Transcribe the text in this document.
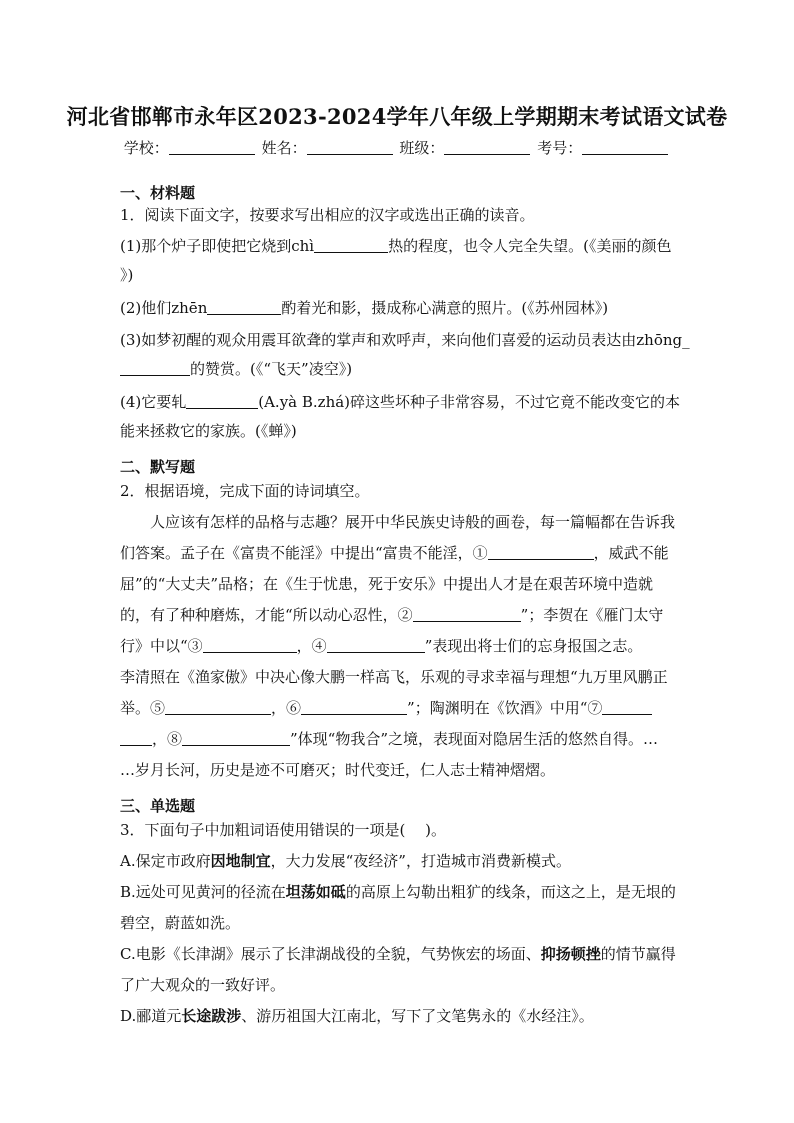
河北省邯郸市永年区2023-2024学年八年级上学期期末考试语文试卷
学校：	姓名：	班级：	考号：
一、材料题
1．阅读下面文字，按要求写出相应的汉字或选出正确的读音。
(1)那个炉子即使把它烧到chì	热的程度，也令人完全失望。(《美丽的颜色
》)
(2)他们zhēn	酌着光和影，摄成称心满意的照片。(《苏州园林》)
(3)如梦初醒的观众用震耳欲聋的掌声和欢呼声，来向他们喜爱的运动员表达由zhōng_
的赞赏。(《“飞天”凌空》)
(4)它要轧	(A.yà B.zhá)碎这些坏种子非常容易，不过它竟不能改变它的本
能来拯救它的家族。(《蝉》)
二、默写题
2．根据语境，完成下面的诗词填空。
人应该有怎样的品格与志趣？展开中华民族史诗般的画卷，每一篇幅都在告诉我
们答案。孟子在《富贵不能淫》中提出“富贵不能淫，①	，威武不能
屈”的“大丈夫”品格；在《生于忧患，死于安乐》中提出人才是在艰苦环境中造就
的，有了种种磨炼，才能“所以动心忍性，②	”；李贺在《雁门太守
行》中以“③	，④	”表现出将士们的忘身报国之志。
李清照在《渔家傲》中决心像大鹏一样高飞，乐观的寻求幸福与理想“九万里风鹏正
举。⑤	，⑥	”；陶渊明在《饮酒》中用“⑦
，⑧	”体现“物我合”之境，表现面对隐居生活的悠然自得。…
…岁月长河，历史是迹不可磨灭；时代变迁，仁人志士精神熠熠。
三、单选题
3．下面句子中加粗词语使用错误的一项是(　 )。
A.保定市政府因地制宜，大力发展“夜经济”，打造城市消费新模式。
B.远处可见黄河的径流在坦荡如砥的高原上勾勒出粗犷的线条，而这之上，是无垠的
碧空，蔚蓝如洗。
C.电影《长津湖》展示了长津湖战役的全貌，气势恢宏的场面、抑扬顿挫的情节赢得
了广大观众的一致好评。
D.郦道元长途跋涉、游历祖国大江南北，写下了文笔隽永的《水经注》。
